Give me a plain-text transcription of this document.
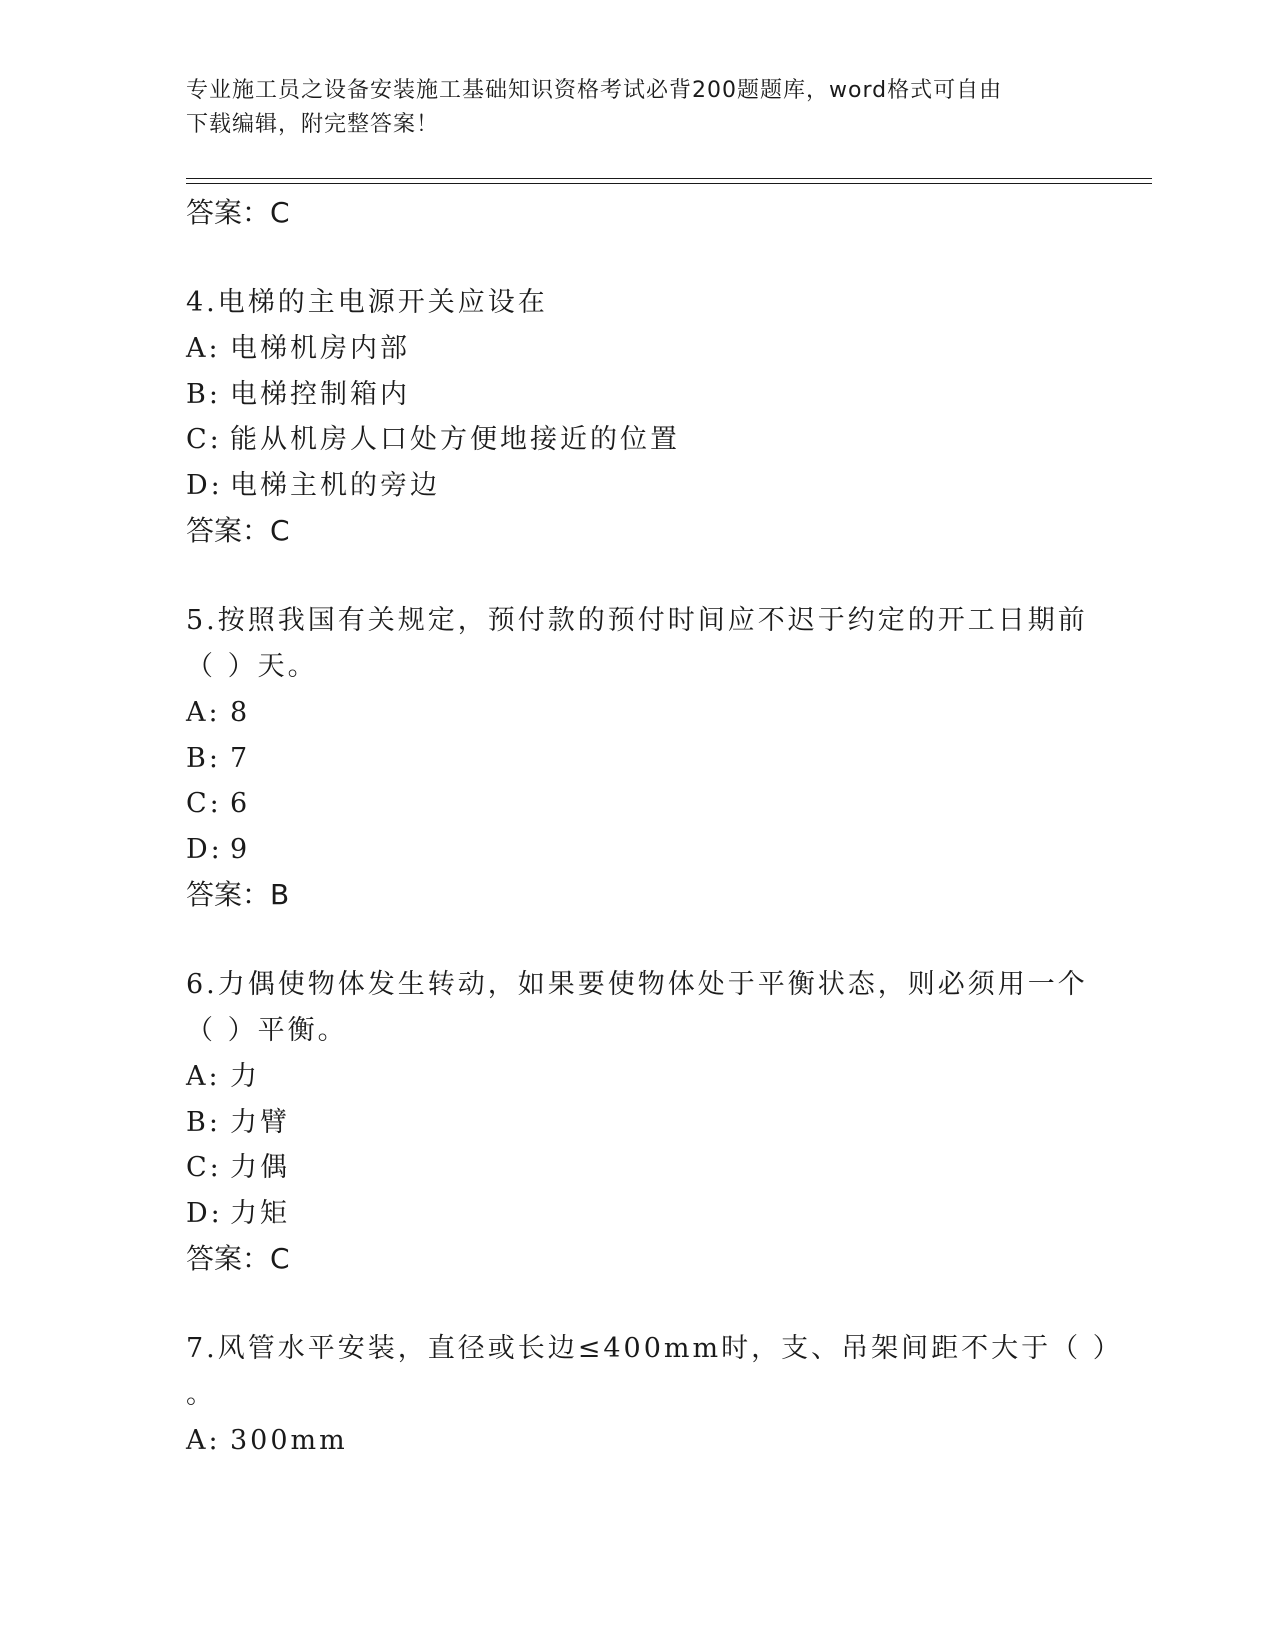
专业施工员之设备安装施工基础知识资格考试必背200题题库，word格式可自由
下载编辑，附完整答案！
答案：C
4.电梯的主电源开关应设在
A: 电梯机房内部
B: 电梯控制箱内
C: 能从机房人口处方便地接近的位置
D: 电梯主机的旁边
答案：C
5.按照我国有关规定，预付款的预付时间应不迟于约定的开工日期前
（ ）天。
A: 8
B: 7
C: 6
D: 9
答案：B
6.力偶使物体发生转动，如果要使物体处于平衡状态，则必须用一个
（ ）平衡。
A: 力
B: 力臂
C: 力偶
D: 力矩
答案：C
7.风管水平安装，直径或长边≤400mm时，支、吊架间距不大于（ ）
。
A: 300mm
